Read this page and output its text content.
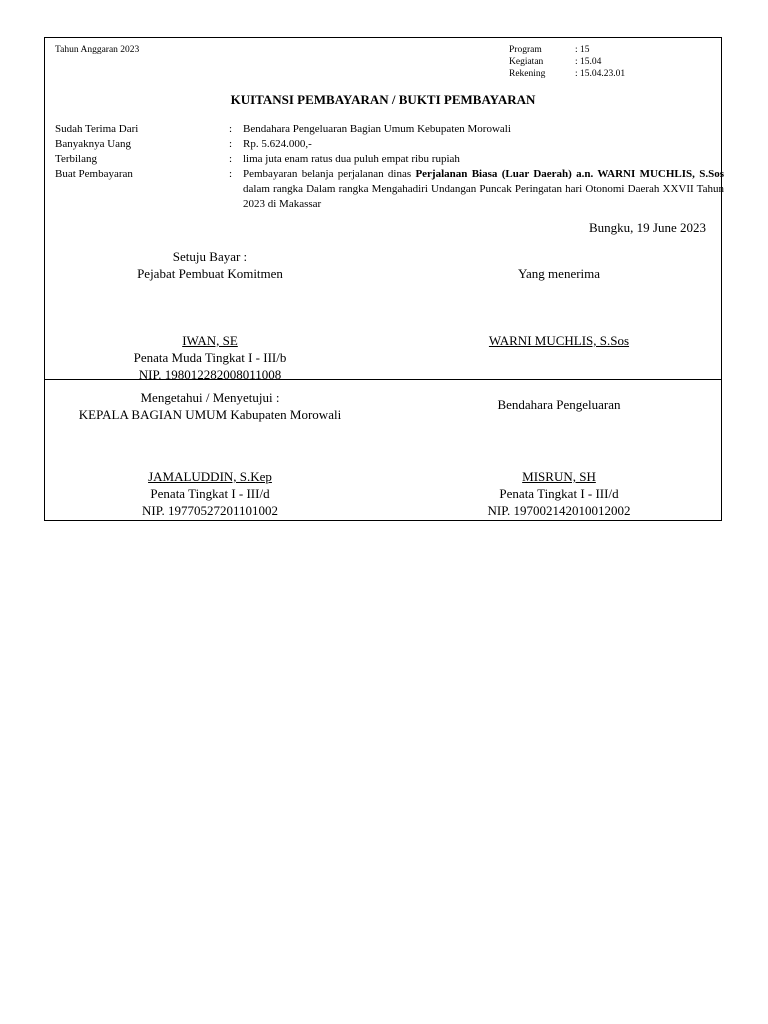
Tahun Anggaran 2023	Program	: 15
Kegiatan	: 15.04
Rekening	: 15.04.23.01
KUITANSI PEMBAYARAN / BUKTI PEMBAYARAN
Sudah Terima Dari	: Bendahara Pengeluaran Bagian Umum Kebupaten Morowali
Banyaknya Uang	: Rp. 5.624.000,-
Terbilang	: lima juta enam ratus dua puluh empat ribu rupiah
Buat Pembayaran	: Pembayaran belanja perjalanan dinas Perjalanan Biasa (Luar Daerah) a.n. WARNI MUCHLIS, S.Sos dalam rangka Dalam rangka Mengahadiri Undangan Puncak Peringatan hari Otonomi Daerah XXVII Tahun 2023 di Makassar
Bungku, 19 June 2023
Setuju Bayar :
Pejabat Pembuat Komitmen
IWAN, SE
Penata Muda Tingkat I - III/b
NIP. 198012282008011008
Yang menerima
WARNI MUCHLIS, S.Sos
Mengetahui / Menyetujui :
KEPALA BAGIAN UMUM Kabupaten Morowali
JAMALUDDIN, S.Kep
Penata Tingkat I - III/d
NIP. 19770527201101002
Bendahara Pengeluaran
MISRUN, SH
Penata Tingkat I - III/d
NIP. 197002142010012002
